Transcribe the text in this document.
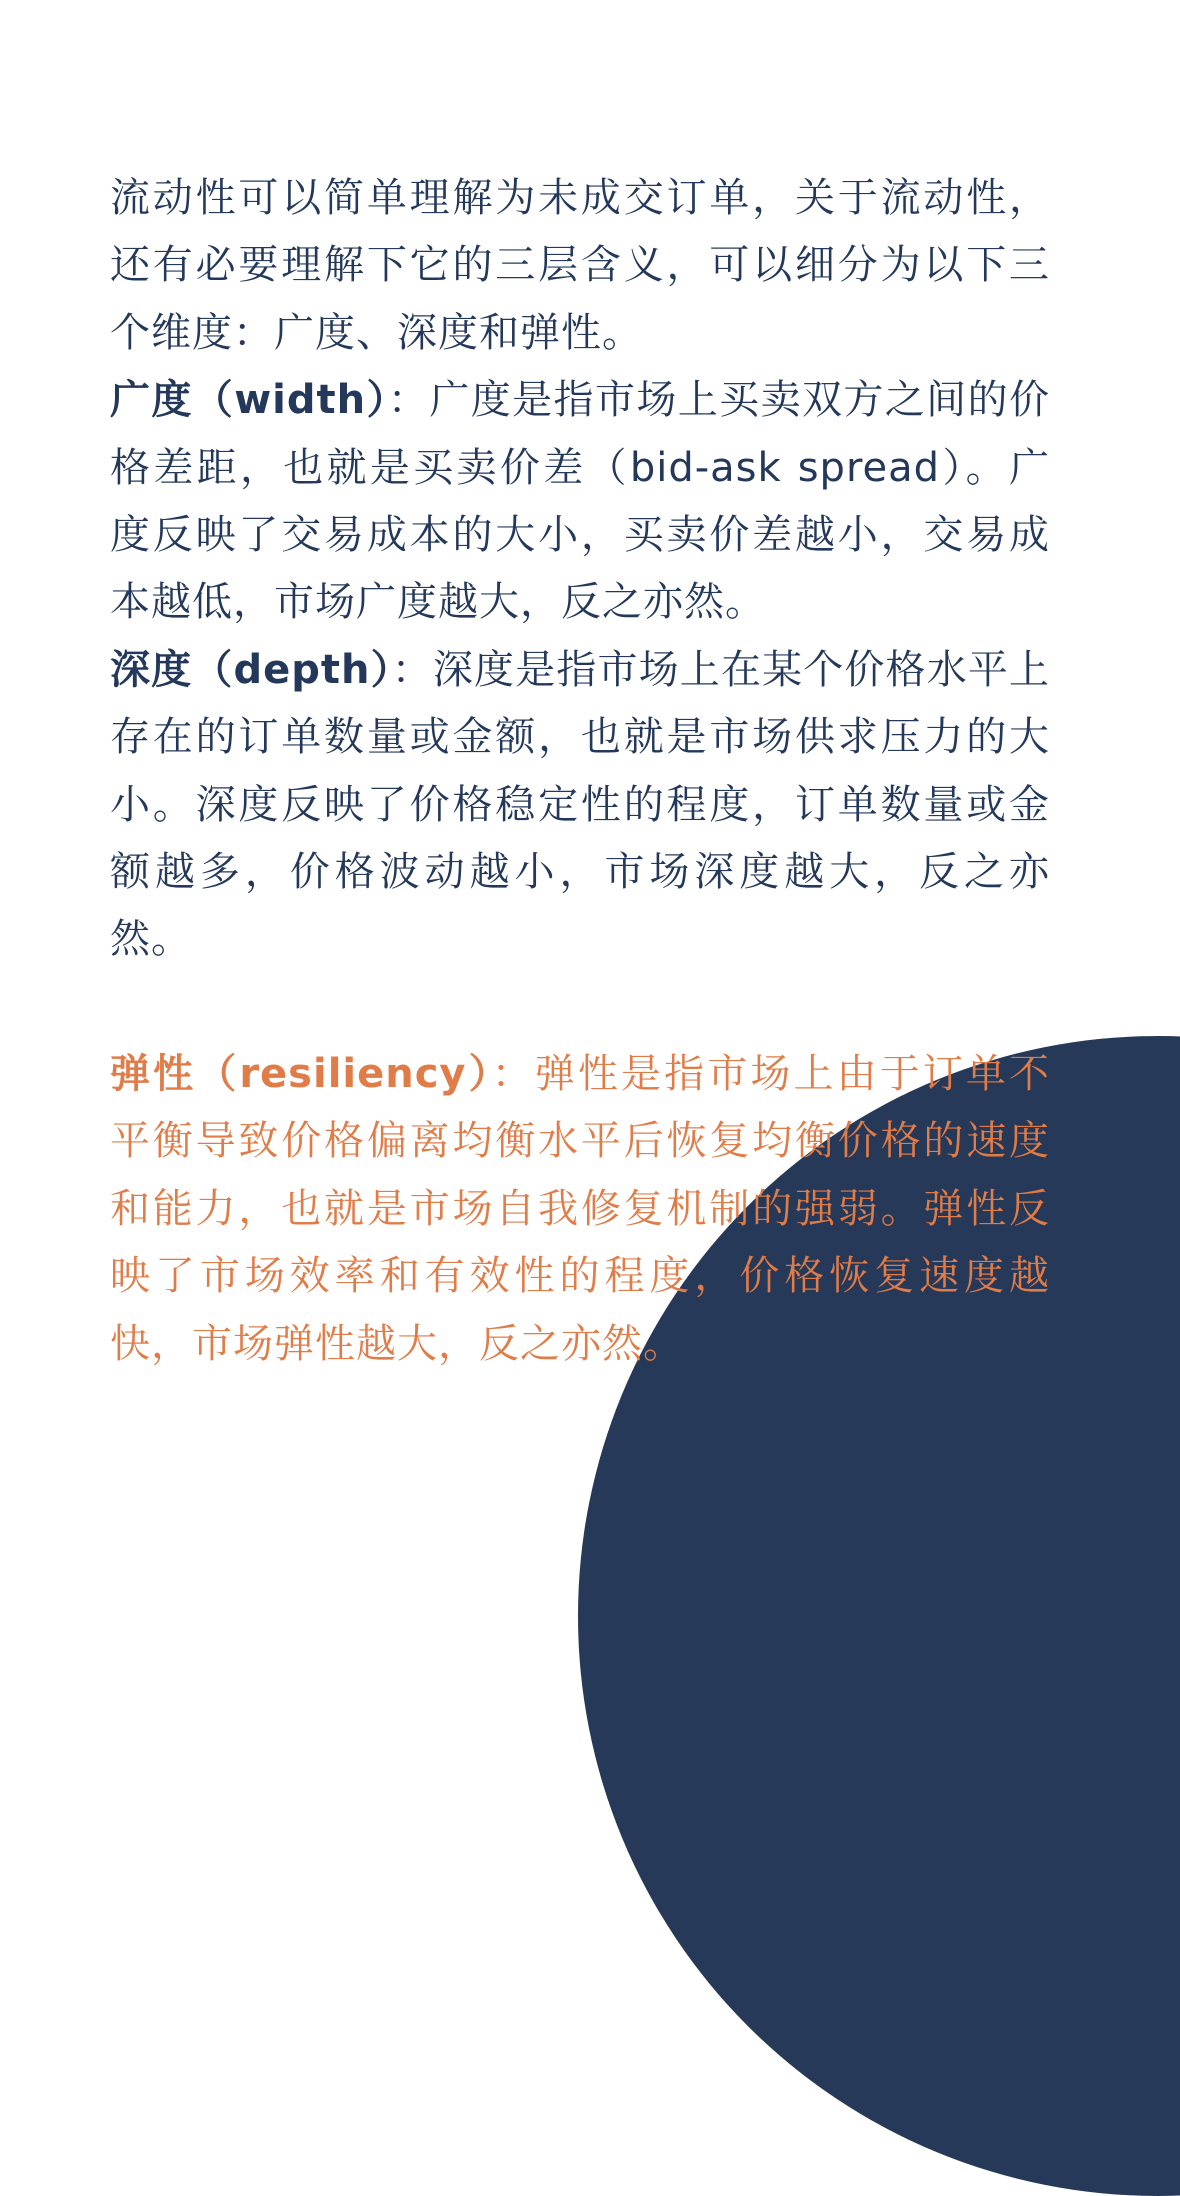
流动性可以简单理解为未成交订单，关于流动性，还有必要理解下它的三层含义，可以细分为以下三个维度：广度、深度和弹性。

广度（width）：广度是指市场上买卖双方之间的价格差距，也就是买卖价差（bid-ask spread）。广度反映了交易成本的大小，买卖价差越小，交易成本越低，市场广度越大，反之亦然。

深度（depth）：深度是指市场上在某个价格水平上存在的订单数量或金额，也就是市场供求压力的大小。深度反映了价格稳定性的程度，订单数量或金额越多，价格波动越小，市场深度越大，反之亦然。

弹性（resiliency）：弹性是指市场上由于订单不平衡导致价格偏离均衡水平后恢复均衡价格的速度和能力，也就是市场自我修复机制的强弱。弹性反映了市场效率和有效性的程度，价格恢复速度越快，市场弹性越大，反之亦然。
